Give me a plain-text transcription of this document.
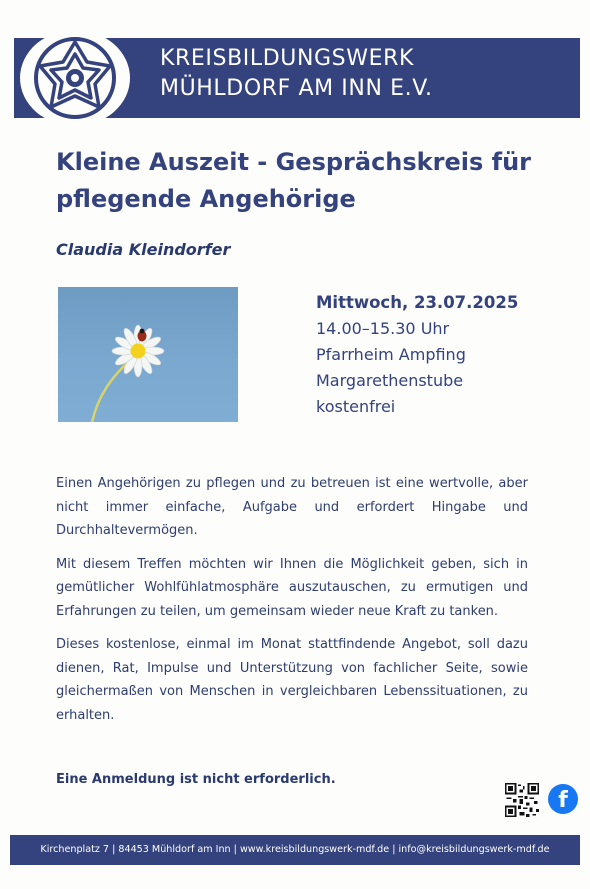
KREISBILDUNGSWERK
MÜHLDORF AM INN E.V.
Kleine Auszeit - Gesprächskreis für
pflegende Angehörige
Claudia Kleindorfer
Mittwoch, 23.07.2025
14.00–15.30 Uhr
Pfarrheim Ampfing
Margarethenstube
kostenfrei

Einen Angehörigen zu pflegen und zu betreuen ist eine wertvolle, aber nicht immer einfache, Aufgabe und erfordert Hingabe und Durchhaltevermögen.

Mit diesem Treffen möchten wir Ihnen die Möglichkeit geben, sich in gemütlicher Wohlfühlatmosphäre auszutauschen, zu ermutigen und Erfahrungen zu teilen, um gemeinsam wieder neue Kraft zu tanken.

Dieses kostenlose, einmal im Monat stattfindende Angebot, soll dazu dienen, Rat, Impulse und Unterstützung von fachlicher Seite, sowie gleichermaßen von Menschen in vergleichbaren Lebenssituationen, zu erhalten.

Eine Anmeldung ist nicht erforderlich.
f
Kirchenplatz 7 | 84453 Mühldorf am Inn | www.kreisbildungswerk-mdf.de | info@kreisbildungswerk-mdf.de
